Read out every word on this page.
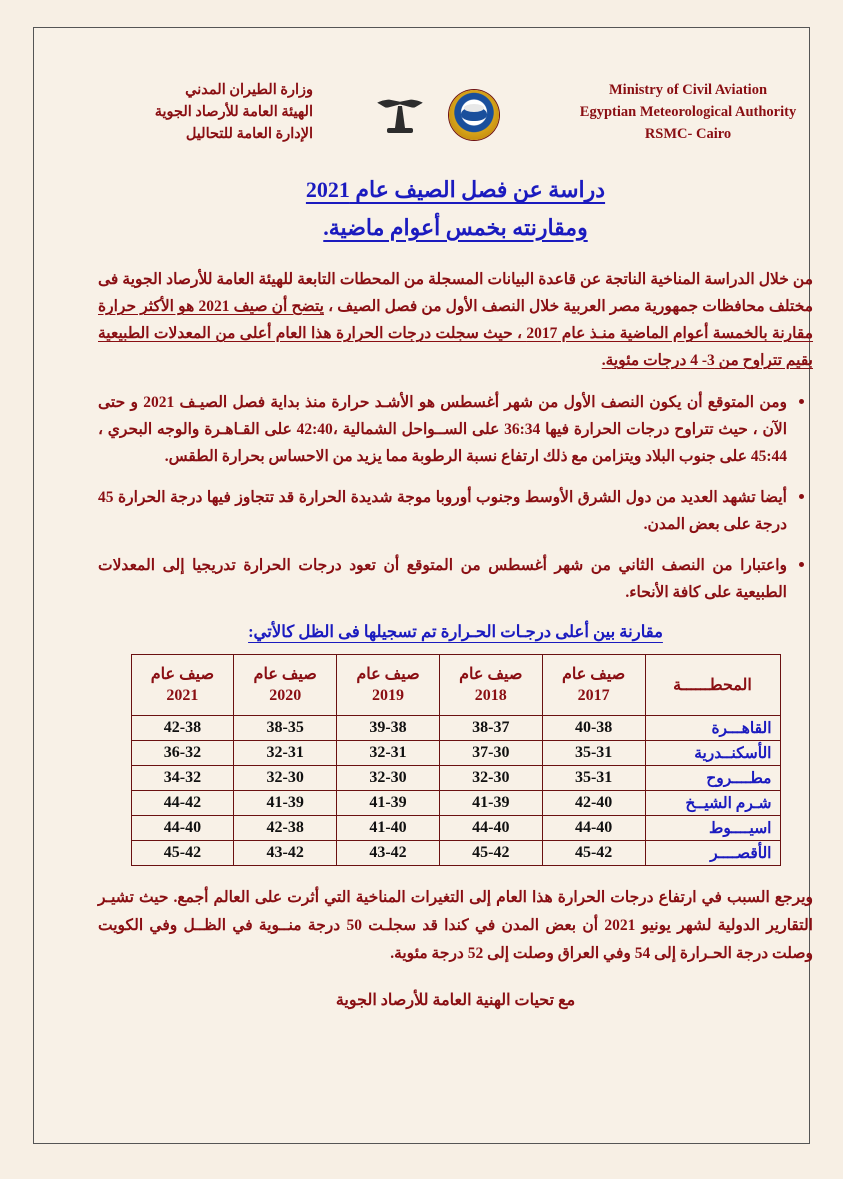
وزارة الطيران المدني
الهيئة العامة للأرصاد الجوية
الإدارة العامة للتحاليل
Ministry of Civil Aviation
Egyptian Meteorological Authority
RSMC- Cairo
دراسة عن فصل الصيف عام 2021
ومقارنته بخمس أعوام ماضية.

من خلال الدراسة المناخية الناتجة عن قاعدة البيانات المسجلة من المحطات التابعة للهيئة العامة للأرصاد الجوية فى مختلف محافظات جمهورية مصر العربية خلال النصف الأول من فصل الصيف ، يتضح أن صيف 2021 هو الأكثر حرارة مقارنة بالخمسة أعوام الماضية منـذ عام 2017 ، حيث سجلت درجات الحرارة هذا العام أعلى من المعدلات الطبيعية بقيم تتراوح من 3- 4 درجات مئوية.

ومن المتوقع أن يكون النصف الأول من شهر أغسطس هو الأشـد حرارة منذ بداية فصل الصيـف 2021 و حتى الآن ، حيث تتراوح درجات الحرارة فيها 36:34 على الســواحل الشمالية ،42:40 على القـاهـرة والوجه البحري ، 45:44 على جنوب البلاد ويتزامن مع ذلك ارتفاع نسبة الرطوبة مما يزيد من الاحساس بحرارة الطقس.
أيضا تشهد العديد من دول الشرق الأوسط وجنوب أوروبا موجة شديدة الحرارة قد تتجاوز فيها درجة الحرارة 45 درجة على بعض المدن.
واعتبارا من النصف الثاني من شهر أغسطس من المتوقع أن تعود درجات الحرارة تدريجيا إلى المعدلات الطبيعية على كافة الأنحاء.
مقارنة بين أعلى درجـات الحـرارة تم تسجيلها فى الظل كالأتي:
المحطــــــة	صيف عام 2017	صيف عام 2018	صيف عام 2019	صيف عام 2020	صيف عام 2021
القاهـــرة	40-38	38-37	39-38	38-35	42-38
الأسكنــدرية	35-31	37-30	32-31	32-31	36-32
مطــــروح	35-31	32-30	32-30	32-30	34-32
شـرم الشيــخ	42-40	41-39	41-39	41-39	44-42
اسيــــوط	44-40	44-40	41-40	42-38	44-40
الأقصــــر	45-42	45-42	43-42	43-42	45-42
ويرجع السبب في ارتفاع درجات الحرارة هذا العام إلى التغيرات المناخية التي أثرت على العالم أجمع. حيث تشيـر التقارير الدولية لشهر يونيو 2021 أن بعض المدن في كندا قد سجلـت 50 درجة منــوية في الظــل وفي الكويت وصلت درجة الحـرارة إلى 54 وفي العراق وصلت إلى 52 درجة مئوية.
مع تحيات الهنية العامة للأرصاد الجوية
